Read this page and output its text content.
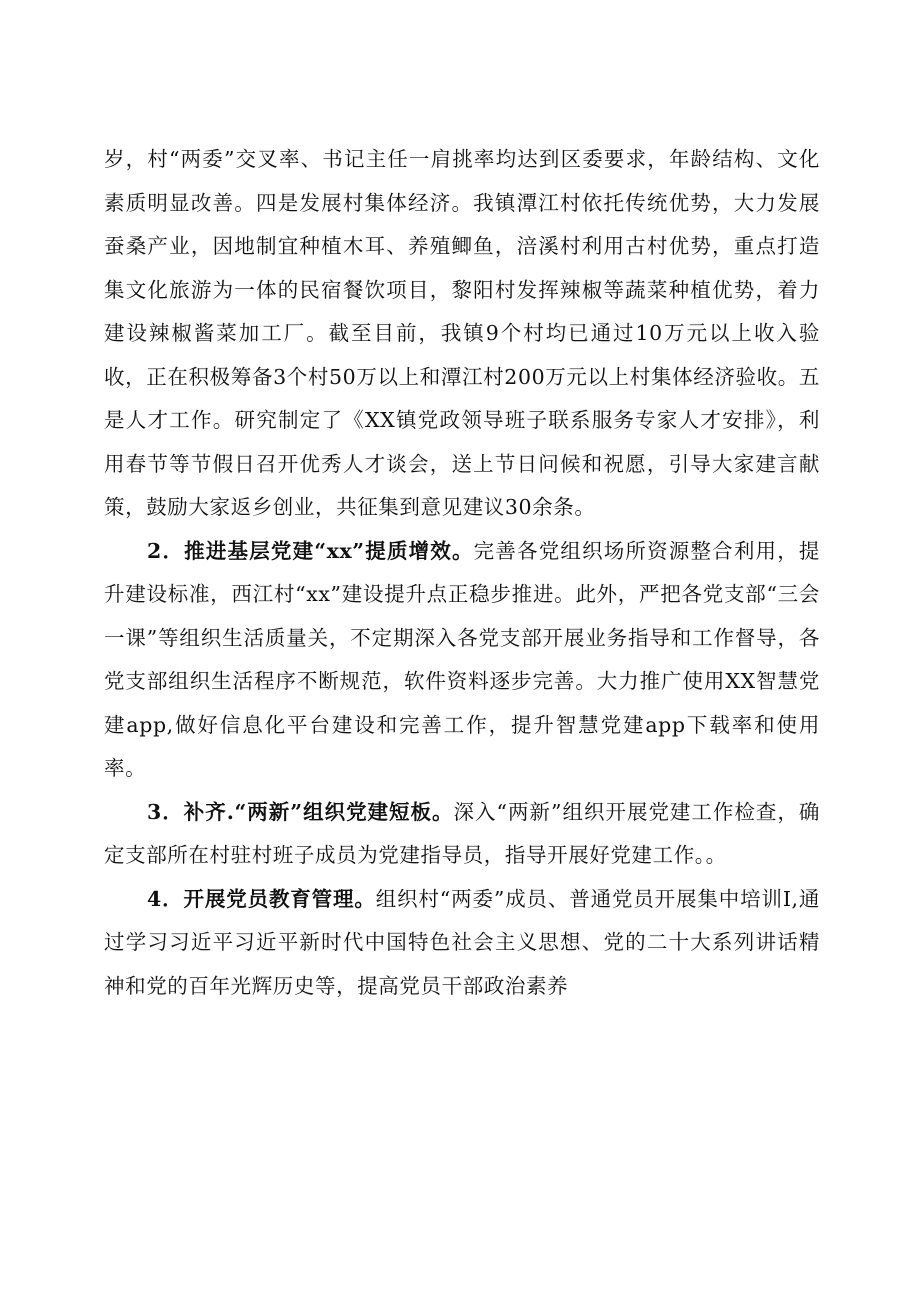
岁，村“两委”交叉率、书记主任一肩挑率均达到区委要求，年龄结构、文化素质明显改善。四是发展村集体经济。我镇潭江村依托传统优势，大力发展蚕桑产业，因地制宜种植木耳、养殖鲫鱼，涪溪村利用古村优势，重点打造集文化旅游为一体的民宿餐饮项目，黎阳村发挥辣椒等蔬菜种植优势，着力建设辣椒酱菜加工厂。截至目前，我镇9个村均已通过10万元以上收入验收，正在积极筹备3个村50万以上和潭江村200万元以上村集体经济验收。五是人才工作。研究制定了《XX镇党政领导班子联系服务专家人才安排》，利用春节等节假日召开优秀人才谈会，送上节日问候和祝愿，引导大家建言献策，鼓励大家返乡创业，共征集到意见建议30余条。

2．推进基层党建“xx”提质增效。完善各党组织场所资源整合利用，提升建设标准，西江村“xx”建设提升点正稳步推进。此外，严把各党支部“三会一课”等组织生活质量关，不定期深入各党支部开展业务指导和工作督导，各党支部组织生活程序不断规范，软件资料逐步完善。大力推广使用XX智慧党建app,做好信息化平台建设和完善工作，提升智慧党建app下载率和使用率。

3．补齐.“两新”组织党建短板。深入“两新”组织开展党建工作检查，确定支部所在村驻村班子成员为党建指导员，指导开展好党建工作。。

4．开展党员教育管理。组织村“两委”成员、普通党员开展集中培训I,通过学习习近平习近平新时代中国特色社会主义思想、党的二十大系列讲话精神和党的百年光辉历史等，提高党员干部政治素养
